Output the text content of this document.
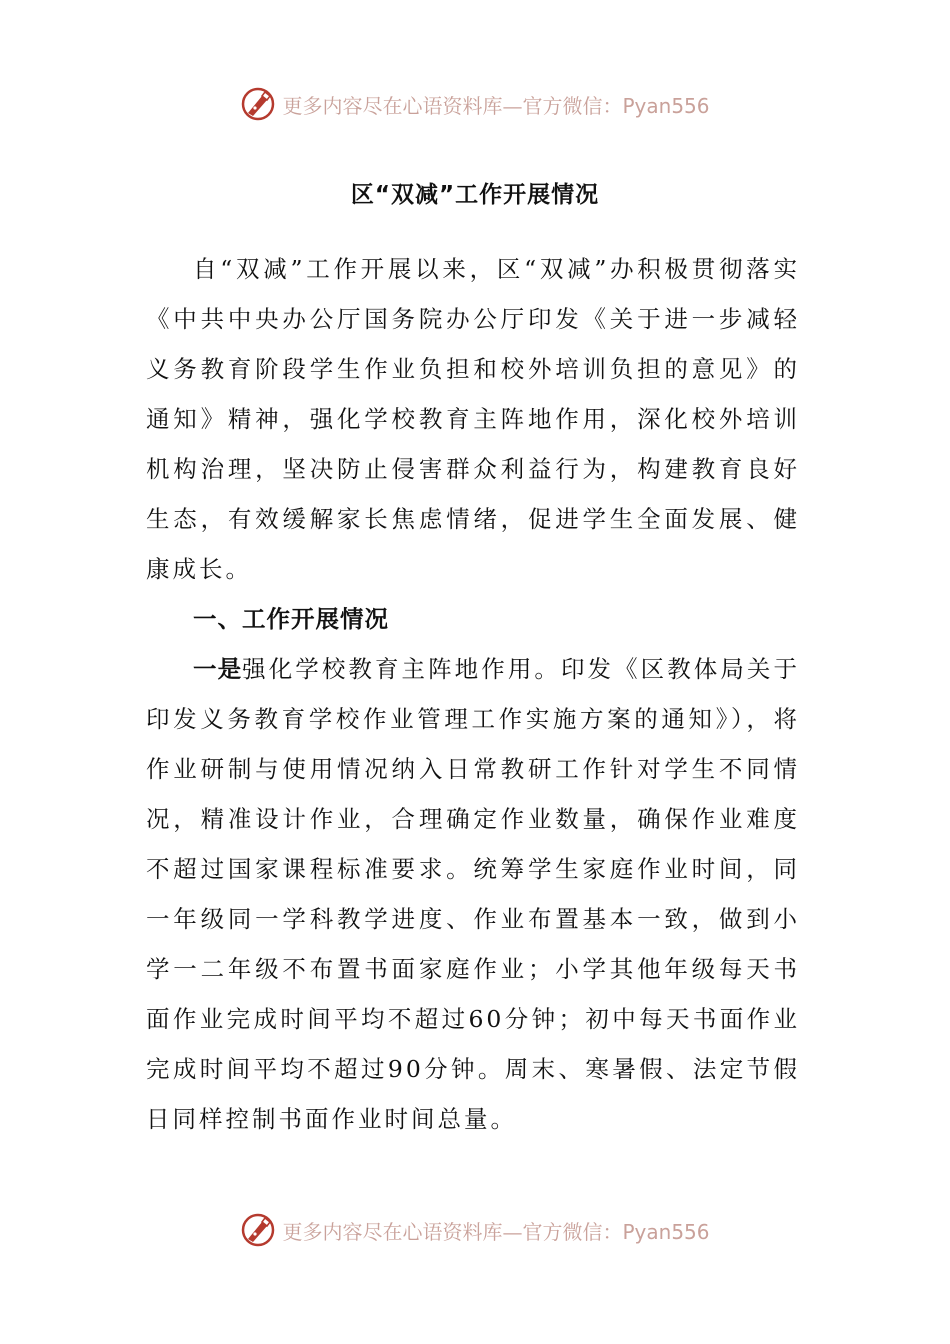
更多内容尽在心语资料库—官方微信：Pyan556
区“双减”工作开展情况

自“双减”工作开展以来，区“双减”办积极贯彻落实《中共中央办公厅国务院办公厅印发《关于进一步减轻义务教育阶段学生作业负担和校外培训负担的意见》的通知》精神，强化学校教育主阵地作用，深化校外培训机构治理，坚决防止侵害群众利益行为，构建教育良好生态，有效缓解家长焦虑情绪，促进学生全面发展、健康成长。

一、工作开展情况

一是强化学校教育主阵地作用。印发《区教体局关于印发义务教育学校作业管理工作实施方案的通知》），将作业研制与使用情况纳入日常教研工作针对学生不同情况，精准设计作业，合理确定作业数量，确保作业难度不超过国家课程标准要求。统筹学生家庭作业时间，同一年级同一学科教学进度、作业布置基本一致，做到小学一二年级不布置书面家庭作业；小学其他年级每天书面作业完成时间平均不超过60分钟；初中每天书面作业完成时间平均不超过90分钟。周末、寒暑假、法定节假日同样控制书面作业时间总量。

更多内容尽在心语资料库—官方微信：Pyan556
